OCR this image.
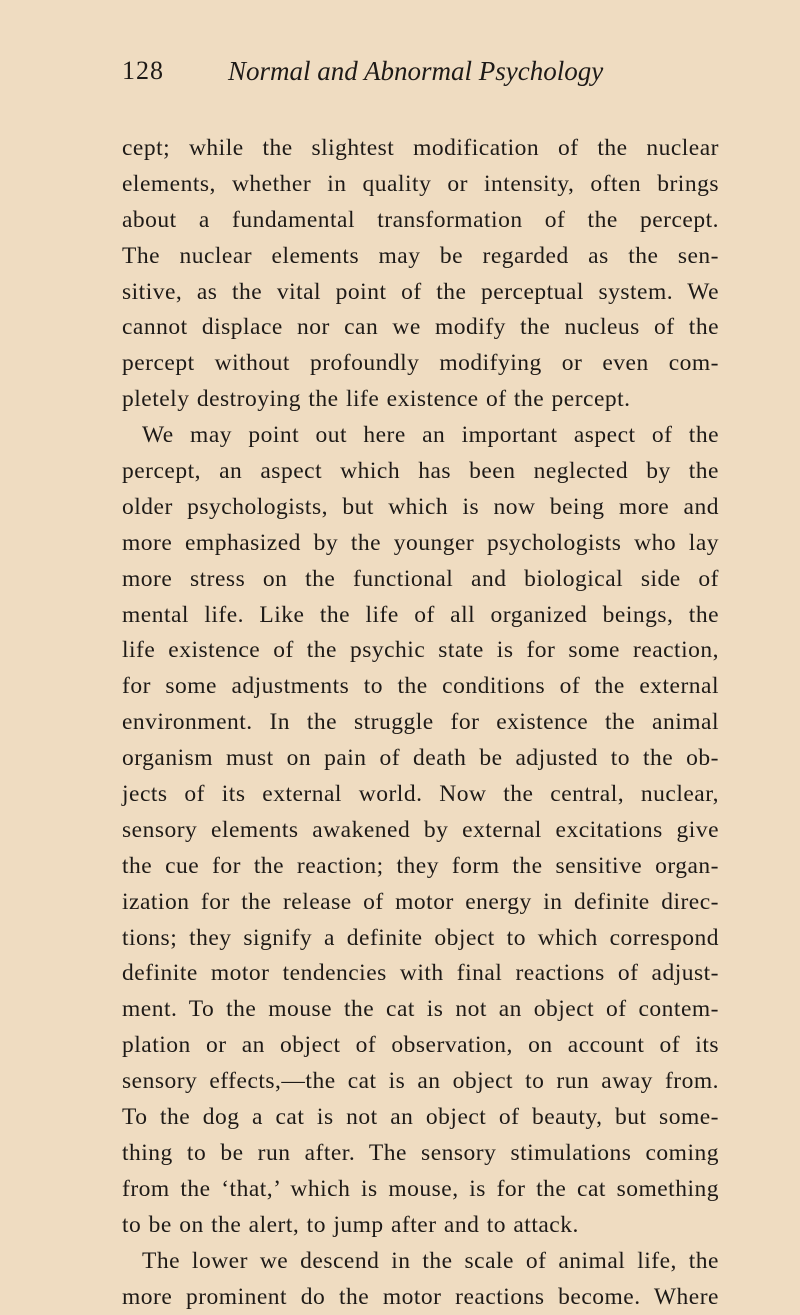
128 Normal and Abnormal Psychology
cept; while the slightest modification of the nuclear
elements, whether in quality or intensity, often brings
about a fundamental transformation of the percept.
The nuclear elements may be regarded as the sen-
sitive, as the vital point of the perceptual system. We
cannot displace nor can we modify the nucleus of the
percept without profoundly modifying or even com-
pletely destroying the life existence of the percept.
We may point out here an important aspect of the
percept, an aspect which has been neglected by the
older psychologists, but which is now being more and
more emphasized by the younger psychologists who lay
more stress on the functional and biological side of
mental life. Like the life of all organized beings, the
life existence of the psychic state is for some reaction,
for some adjustments to the conditions of the external
environment. In the struggle for existence the animal
organism must on pain of death be adjusted to the ob-
jects of its external world. Now the central, nuclear,
sensory elements awakened by external excitations give
the cue for the reaction; they form the sensitive organ-
ization for the release of motor energy in definite direc-
tions; they signify a definite object to which correspond
definite motor tendencies with final reactions of adjust-
ment. To the mouse the cat is not an object of contem-
plation or an object of observation, on account of its
sensory effects,—the cat is an object to run away from.
To the dog a cat is not an object of beauty, but some-
thing to be run after. The sensory stimulations coming
from the ‘that,’ which is mouse, is for the cat something
to be on the alert, to jump after and to attack.
The lower we descend in the scale of animal life, the
more prominent do the motor reactions become. Where
